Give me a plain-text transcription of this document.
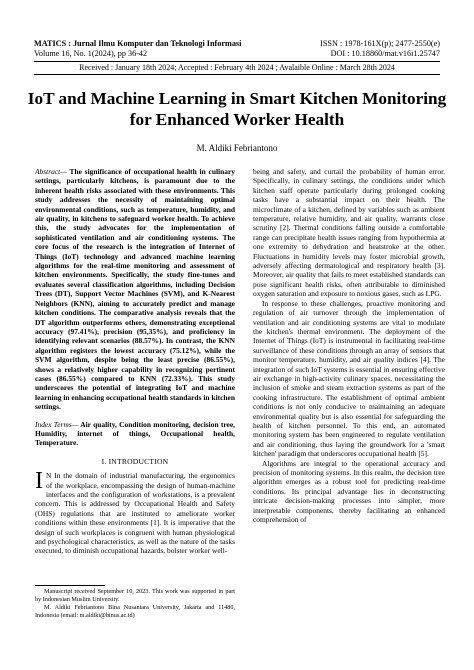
MATICS : Jurnal Ilmu Komputer dan Teknologi Informasi	ISSN : 1978-161X(p); 2477-2550(e)
Volume 16, No. 1(2024), pp 36-42	DOI : 10.18860/mat.v16i1.25747
Received : January 18th 2024; Accepted : February 4th 2024 ; Avalaible Online : March 28th 2024
IoT and Machine Learning in Smart Kitchen Monitoring for Enhanced Worker Health
M. Aldiki Febriantono

Abstract— The significance of occupational health in culinary settings, particularly kitchens, is paramount due to the inherent health risks associated with these environments. This study addresses the necessity of maintaining optimal environmental conditions, such as temperature, humidity, and air quality, in kitchens to safeguard worker health. To achieve this, the study advocates for the implementation of sophisticated ventilation and air conditioning systems. The core focus of the research is the integration of Internet of Things (IoT) technology and advanced machine learning algorithms for the real-time monitoring and assessment of kitchen environments. Specifically, the study fine-tunes and evaluates several classification algorithms, including Decision Trees (DT), Support Vector Machines (SVM), and K-Nearest Neighbors (KNN), aiming to accurately predict and manage kitchen conditions. The comparative analysis reveals that the DT algorithm outperforms others, demonstrating exceptional accuracy (97.41%), precision (95,35%), and proficiency in identifying relevant scenarios (88.57%). In contrast, the KNN algorithm registers the lowest accuracy (75.12%), while the SVM algorithm, despite being the least precise (86.55%), shows a relatively higher capability in recognizing pertinent cases (86.55%) compared to KNN (72.33%). This study underscores the potential of integrating IoT and machine learning in enhancing occupational health standards in kitchen settings.

Index Terms— Air quality, Condition monitoring, decision tree, Humidity, internet of things, Occupational health, Temperature.

I. INTRODUCTION

I N In the domain of industrial manufacturing, the ergonomics of the workplace, encompassing the design of human-machine interfaces and the configuration of workstations, is a prevalent concern. This is addressed by Occupational Health and Safety (OHS) regulations that are instituted to ameliorate worker conditions within these environments [1]. It is imperative that the design of such workplaces is congruent with human physiological and psychological characteristics, as well as the nature of the tasks executed, to diminish occupational hazards, bolster worker well-

being and safety, and curtail the probability of human error. Specifically, in culinary settings, the conditions under which kitchen staff operate particularly during prolonged cooking tasks have a substantial impact on their health. The microclimate of a kitchen, defined by variables such as ambient temperature, relative humidity, and air quality, warrants close scrutiny [2]. Thermal conditions falling outside a comfortable range can precipitate health issues ranging from hypothermia at one extremity to dehydration and heatstroke at the other. Fluctuations in humidity levels may foster microbial growth, adversely affecting dermatological and respiratory health [3]. Moreover, air quality that fails to meet established standards can pose significant health risks, often attributable to diminished oxygen saturation and exposure to noxious gases, such as LPG.

In response to these challenges, proactive monitoring and regulation of air turnover through the implementation of ventilation and air conditioning systems are vital to modulate the kitchen's thermal environment. The deployment of the Internet of Things (IoT) is instrumental in facilitating real-time surveillance of these conditions through an array of sensors that monitor temperature, humidity, and air quality indices [4]. The integration of such IoT systems is essential in ensuring effective air exchange in high-activity culinary spaces, necessitating the inclusion of smoke and steam extraction systems as part of the cooking infrastructure. The establishment of optimal ambient conditions is not only conducive to maintaining an adequate environmental quality but is also essential for safeguarding the health of kitchen personnel. To this end, an automated monitoring system has been engineered to regulate ventilation and air conditioning, thus laying the groundwork for a 'smart kitchen' paradigm that underscores occupational health [5].

Algorithms are integral to the operational accuracy and precision of monitoring systems. In this realm, the decision tree algorithm emerges as a robust tool for predicting real-time conditions. Its principal advantage lies in deconstructing intricate decision-making processes into simpler, more interpretable components, thereby facilitating an enhanced comprehension of

Manuscript received September 10, 2023. This work was supported in part by Indonesian Muslim University.

M. Aldiki Febriantono Bina Nusantara University, Jakarta and 11480, Indonesia (email: m.aldiki@binus.ac.id)
